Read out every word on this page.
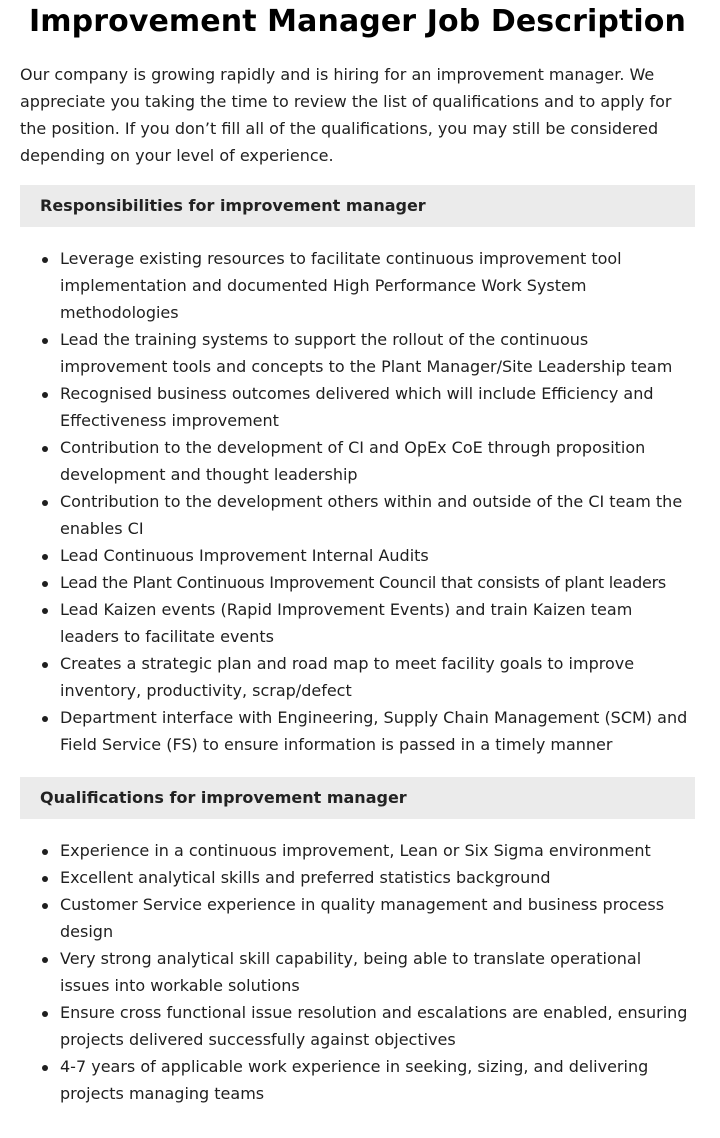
Improvement Manager Job Description

Our company is growing rapidly and is hiring for an improvement manager. We appreciate you taking the time to review the list of qualifications and to apply for the position. If you don’t fill all of the qualifications, you may still be considered depending on your level of experience.

Responsibilities for improvement manager
Leverage existing resources to facilitate continuous improvement tool implementation and documented High Performance Work System methodologies
Lead the training systems to support the rollout of the continuous improvement tools and concepts to the Plant Manager/Site Leadership team
Recognised business outcomes delivered which will include Efficiency and Effectiveness improvement
Contribution to the development of CI and OpEx CoE through proposition development and thought leadership
Contribution to the development others within and outside of the CI team the enables CI
Lead Continuous Improvement Internal Audits
Lead the Plant Continuous Improvement Council that consists of plant leaders
Lead Kaizen events (Rapid Improvement Events) and train Kaizen team leaders to facilitate events
Creates a strategic plan and road map to meet facility goals to improve inventory, productivity, scrap/defect
Department interface with Engineering, Supply Chain Management (SCM) and Field Service (FS) to ensure information is passed in a timely manner
Qualifications for improvement manager
Experience in a continuous improvement, Lean or Six Sigma environment
Excellent analytical skills and preferred statistics background
Customer Service experience in quality management and business process design
Very strong analytical skill capability, being able to translate operational issues into workable solutions
Ensure cross functional issue resolution and escalations are enabled, ensuring projects delivered successfully against objectives
4-7 years of applicable work experience in seeking, sizing, and delivering projects managing teams
